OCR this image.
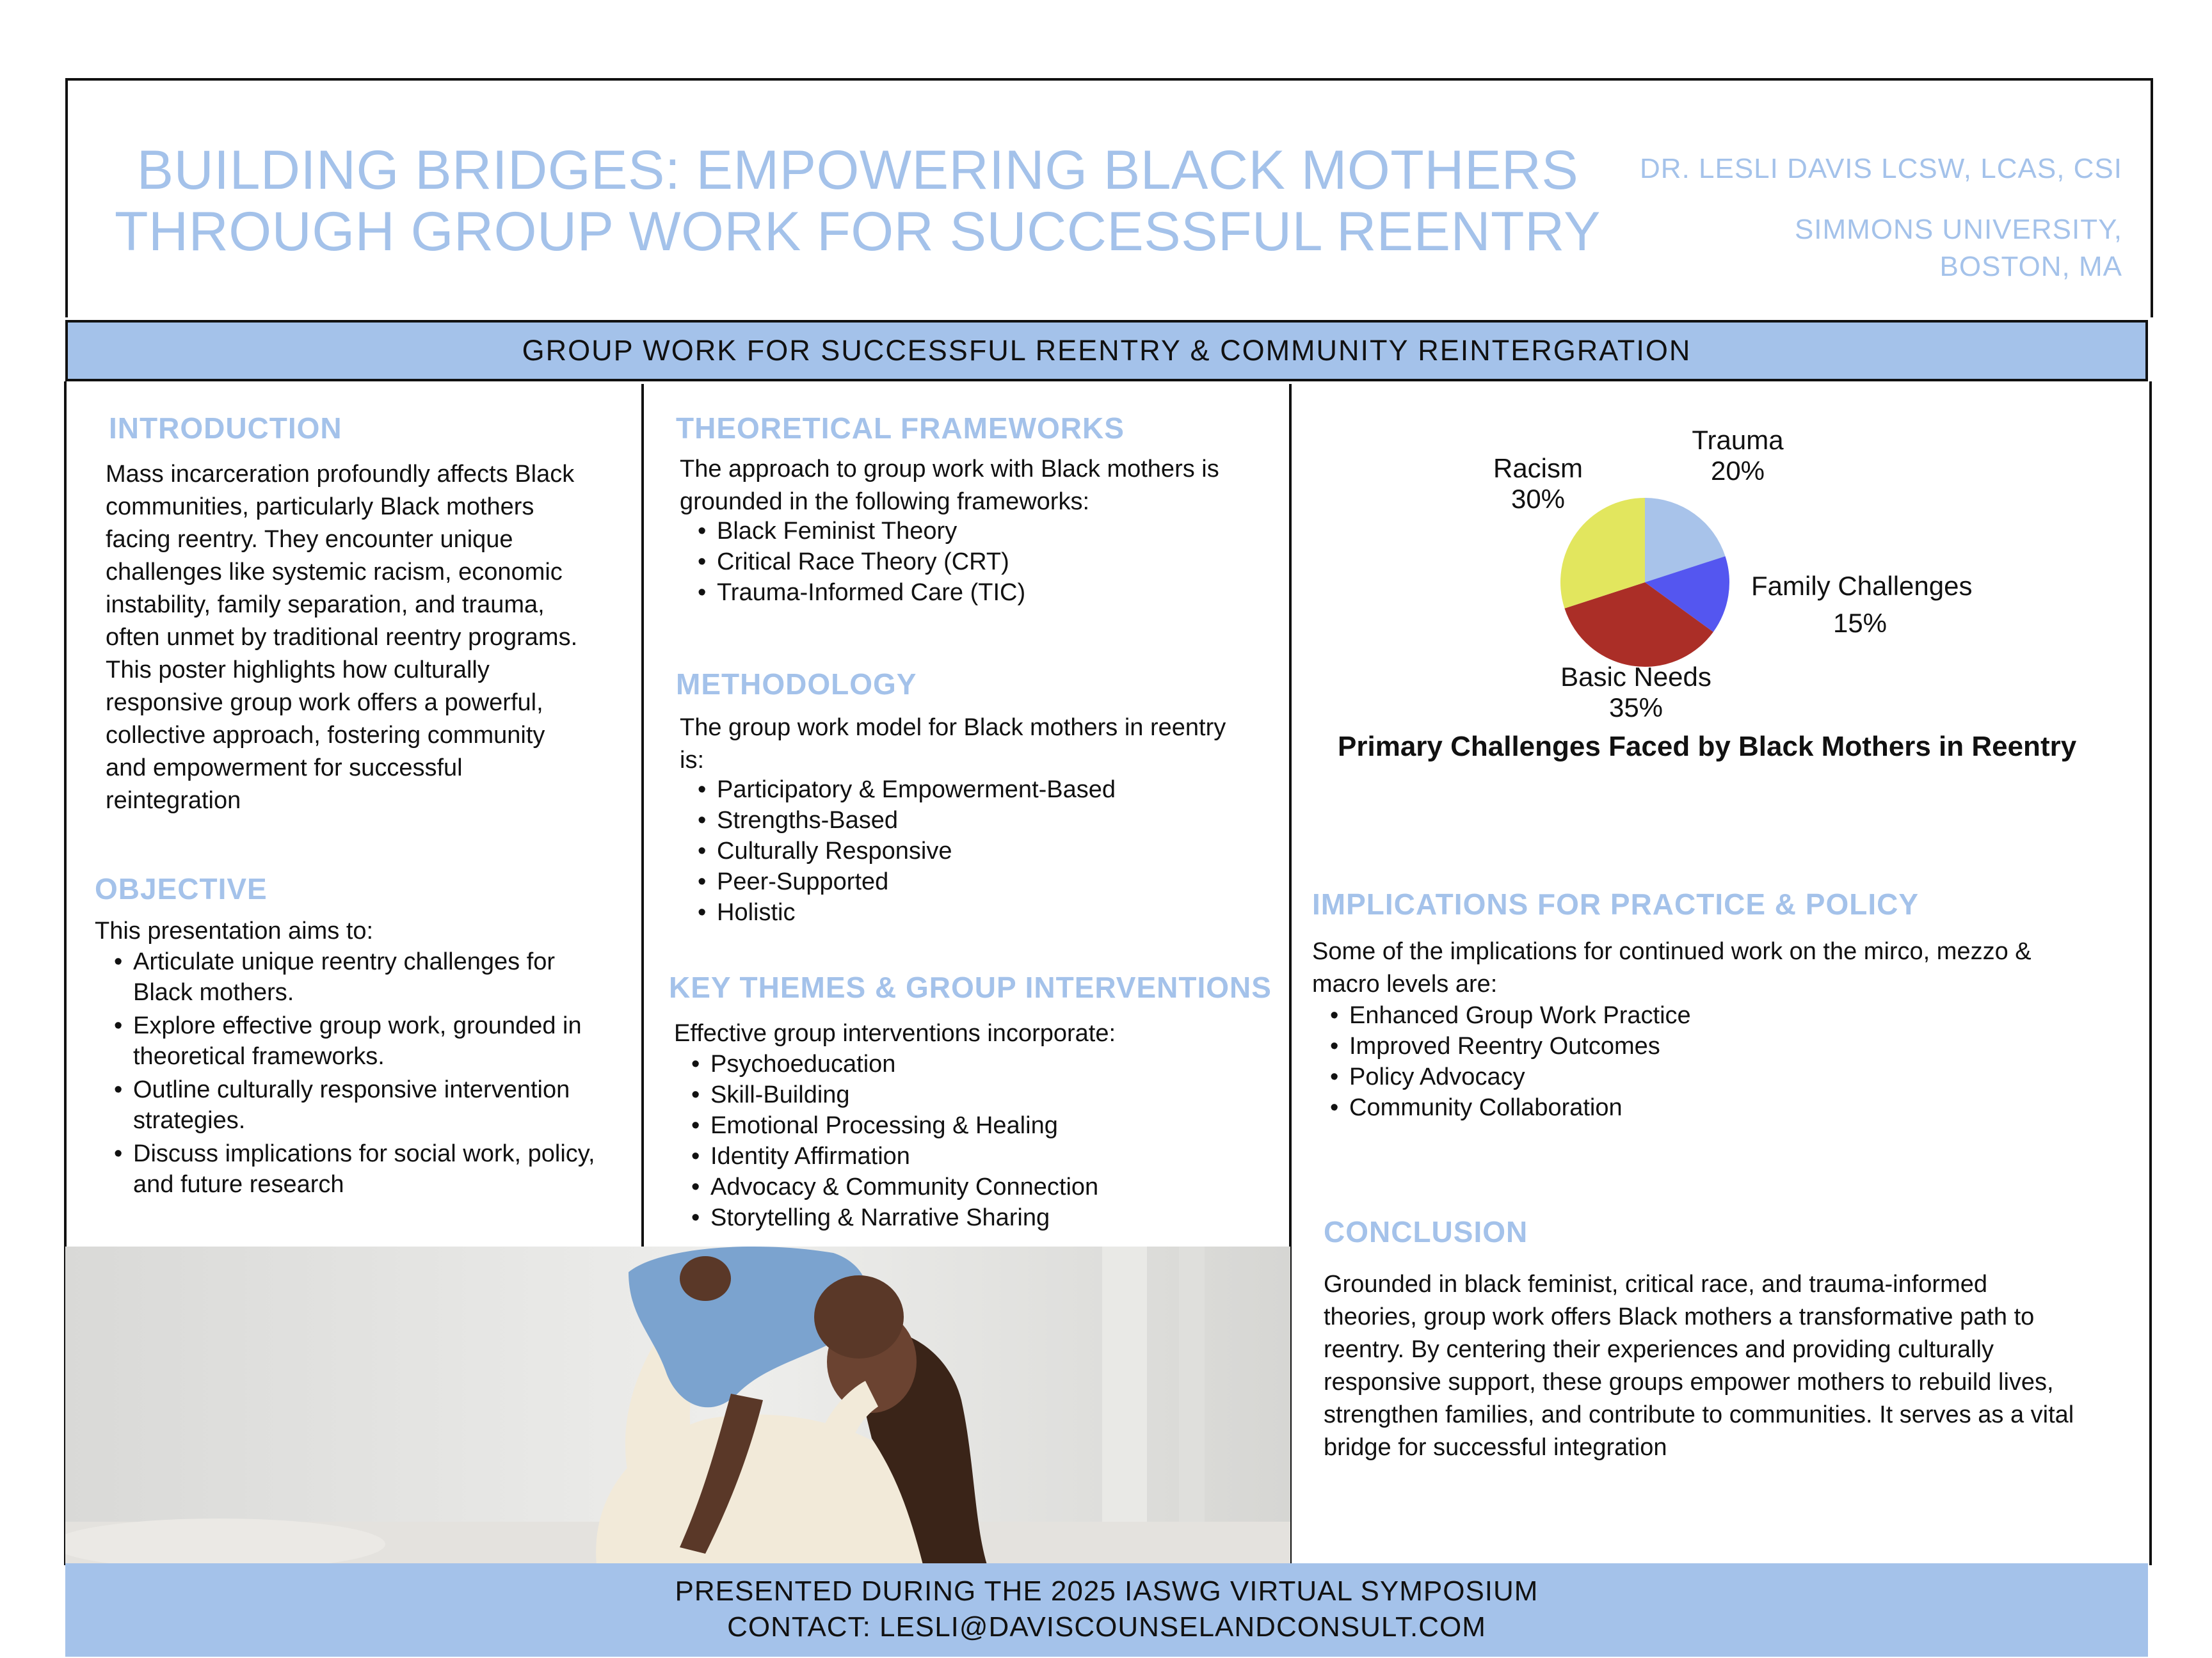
BUILDING BRIDGES: EMPOWERING BLACK MOTHERS
THROUGH GROUP WORK FOR SUCCESSFUL REENTRY
DR. LESLI DAVIS LCSW, LCAS, CSI
SIMMONS UNIVERSITY,
BOSTON, MA
GROUP WORK FOR SUCCESSFUL REENTRY & COMMUNITY REINTERGRATION
INTRODUCTION
Mass incarceration profoundly affects Black
communities, particularly Black mothers
facing reentry. They encounter unique
challenges like systemic racism, economic
instability, family separation, and trauma,
often unmet by traditional reentry programs.
This poster highlights how culturally
responsive group work offers a powerful,
collective approach, fostering community
and empowerment for successful
reintegration
OBJECTIVE
This presentation aims to:
• Articulate unique reentry challenges for
Black mothers.
• Explore effective group work, grounded in
theoretical frameworks.
• Outline culturally responsive intervention
strategies.
• Discuss implications for social work, policy,
and future research
THEORETICAL FRAMEWORKS
The approach to group work with Black mothers is
grounded in the following frameworks:
• Black Feminist Theory
• Critical Race Theory (CRT)
• Trauma-Informed Care (TIC)
METHODOLOGY
The group work model for Black mothers in reentry
is:
• Participatory & Empowerment-Based
• Strengths-Based
• Culturally Responsive
• Peer-Supported
• Holistic
KEY THEMES & GROUP INTERVENTIONS
Effective group interventions incorporate:
• Psychoeducation
• Skill-Building
• Emotional Processing & Healing
• Identity Affirmation
• Advocacy & Community Connection
• Storytelling & Narrative Sharing
Trauma
20%
Family Challenges
15%
Basic Needs
35%
Racism
30%
Primary Challenges Faced by Black Mothers in Reentry
IMPLICATIONS FOR PRACTICE & POLICY
Some of the implications for continued work on the mirco, mezzo &
macro levels are:
• Enhanced Group Work Practice
• Improved Reentry Outcomes
• Policy Advocacy
• Community Collaboration
CONCLUSION
Grounded in black feminist, critical race, and trauma-informed
theories, group work offers Black mothers a transformative path to
reentry. By centering their experiences and providing culturally
responsive support, these groups empower mothers to rebuild lives,
strengthen families, and contribute to communities. It serves as a vital
bridge for successful integration
PRESENTED DURING THE 2025 IASWG VIRTUAL SYMPOSIUM
CONTACT: LESLI@DAVISCOUNSELANDCONSULT.COM
